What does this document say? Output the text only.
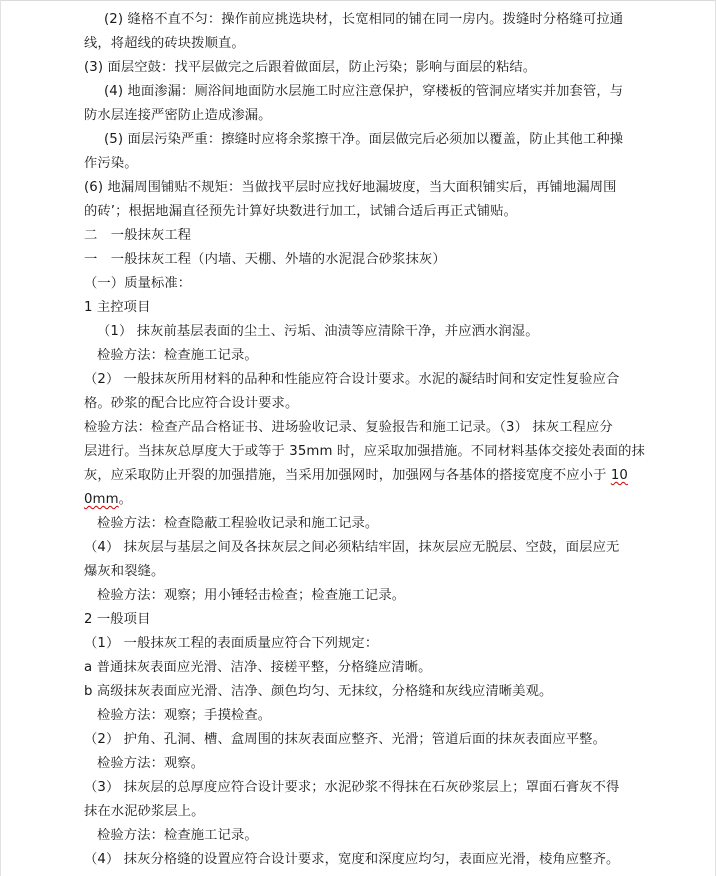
(2) 缝格不直不匀：操作前应挑选块材，长宽相同的铺在同一房内。拨缝时分格缝可拉通
线，将超线的砖块拨顺直。
(3) 面层空鼓：找平层做完之后跟着做面层，防止污染；影响与面层的粘结。
(4) 地面渗漏：厕浴间地面防水层施工时应注意保护，穿楼板的管洞应堵实并加套管，与
防水层连接严密防止造成渗漏。
(5) 面层污染严重：擦缝时应将余浆擦干净。面层做完后必须加以覆盖，防止其他工种操
作污染。
(6) 地漏周围铺贴不规矩：当做找平层时应找好地漏坡度，当大面积铺实后，再铺地漏周围
的砖’；根据地漏直径预先计算好块数进行加工，试铺合适后再正式铺贴。
二　一般抹灰工程
一　一般抹灰工程（内墙、天棚、外墙的水泥混合砂浆抹灰）
（一）质量标准：
1 主控项目
（1） 抹灰前基层表面的尘土、污垢、油渍等应清除干净，并应洒水润湿。
检验方法：检查施工记录。
（2） 一般抹灰所用材料的品种和性能应符合设计要求。水泥的凝结时间和安定性复验应合
格。砂浆的配合比应符合设计要求。
检验方法：检查产品合格证书、进场验收记录、复验报告和施工记录。（3） 抹灰工程应分
层进行。当抹灰总厚度大于或等于 35mm 时，应采取加强措施。不同材料基体交接处表面的抹
灰，应采取防止开裂的加强措施，当采用加强网时，加强网与各基体的搭接宽度不应小于 10
0mm。
检验方法：检查隐蔽工程验收记录和施工记录。
（4） 抹灰层与基层之间及各抹灰层之间必须粘结牢固，抹灰层应无脱层、空鼓，面层应无
爆灰和裂缝。
检验方法：观察；用小锤轻击检查；检查施工记录。
2 一般项目
（1） 一般抹灰工程的表面质量应符合下列规定：
a 普通抹灰表面应光滑、洁净、接槎平整，分格缝应清晰。
b 高级抹灰表面应光滑、洁净、颜色均匀、无抹纹，分格缝和灰线应清晰美观。
检验方法：观察；手摸检查。
（2） 护角、孔洞、槽、盒周围的抹灰表面应整齐、光滑；管道后面的抹灰表面应平整。
检验方法：观察。
（3） 抹灰层的总厚度应符合设计要求；水泥砂浆不得抹在石灰砂浆层上；罩面石膏灰不得
抹在水泥砂浆层上。
检验方法：检查施工记录。
（4） 抹灰分格缝的设置应符合设计要求，宽度和深度应均匀，表面应光滑，棱角应整齐。
